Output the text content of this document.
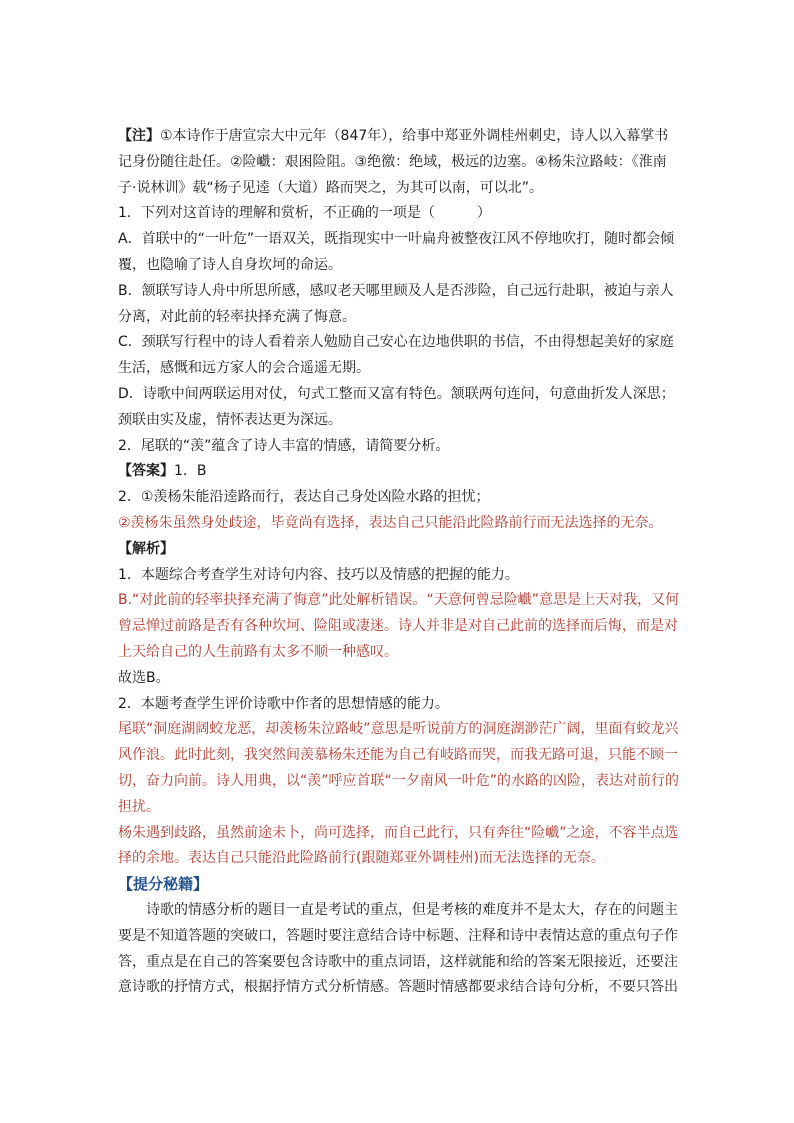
【注】①本诗作于唐宣宗大中元年（847年），给事中郑亚外调桂州刺史，诗人以入幕掌书记身份随往赴任。②险巇：艰困险阻。③绝徼：绝域，极远的边塞。④杨朱泣路岐：《淮南子·说林训》载“杨子见逵（大道）路而哭之，为其可以南，可以北”。

1．下列对这首诗的理解和赏析，不正确的一项是（　　　）

A．首联中的“一叶危”一语双关，既指现实中一叶扁舟被整夜江风不停地吹打，随时都会倾覆，也隐喻了诗人自身坎坷的命运。

B．颔联写诗人舟中所思所感，感叹老天哪里顾及人是否涉险，自己远行赴职，被迫与亲人分离，对此前的轻率抉择充满了悔意。

C．颈联写行程中的诗人看着亲人勉励自己安心在边地供职的书信，不由得想起美好的家庭生活，感慨和远方家人的会合遥遥无期。

D．诗歌中间两联运用对仗，句式工整而又富有特色。颔联两句连问，句意曲折发人深思；颈联由实及虚，情怀表达更为深远。

2．尾联的“羡”蕴含了诗人丰富的情感，请简要分析。

【答案】1．B

2．①羡杨朱能沿逵路而行，表达自己身处凶险水路的担忧；

②羡杨朱虽然身处歧途，毕竟尚有选择，表达自己只能沿此险路前行而无法选择的无奈。

【解析】

1．本题综合考查学生对诗句内容、技巧以及情感的把握的能力。

B.“对此前的轻率抉择充满了悔意”此处解析错误。“天意何曾忌险巇”意思是上天对我，又何曾忌惮过前路是否有各种坎坷、险阻或凄迷。诗人并非是对自己此前的选择而后悔，而是对上天给自己的人生前路有太多不顺一种感叹。

故选B。

2．本题考查学生评价诗歌中作者的思想情感的能力。

尾联“洞庭湖阔蛟龙恶，却羡杨朱泣路岐”意思是听说前方的洞庭湖渺茫广阔，里面有蛟龙兴风作浪。此时此刻，我突然间羡慕杨朱还能为自己有岐路而哭，而我无路可退，只能不顾一切，奋力向前。诗人用典，以“羡”呼应首联“一夕南风一叶危”的水路的凶险，表达对前行的担扰。

杨朱遇到歧路，虽然前途未卜，尚可选择，而自己此行，只有奔往“险巇”之途，不容半点选择的余地。表达自己只能沿此险路前行(跟随郑亚外调桂州)而无法选择的无奈。

【提分秘籍】

诗歌的情感分析的题目一直是考试的重点，但是考核的难度并不是太大，存在的问题主要是不知道答题的突破口，答题时要注意结合诗中标题、注释和诗中表情达意的重点句子作答，重点是在自己的答案要包含诗歌中的重点词语，这样就能和给的答案无限接近，还要注意诗歌的抒情方式，根据抒情方式分析情感。答题时情感都要求结合诗句分析，不要只答出
